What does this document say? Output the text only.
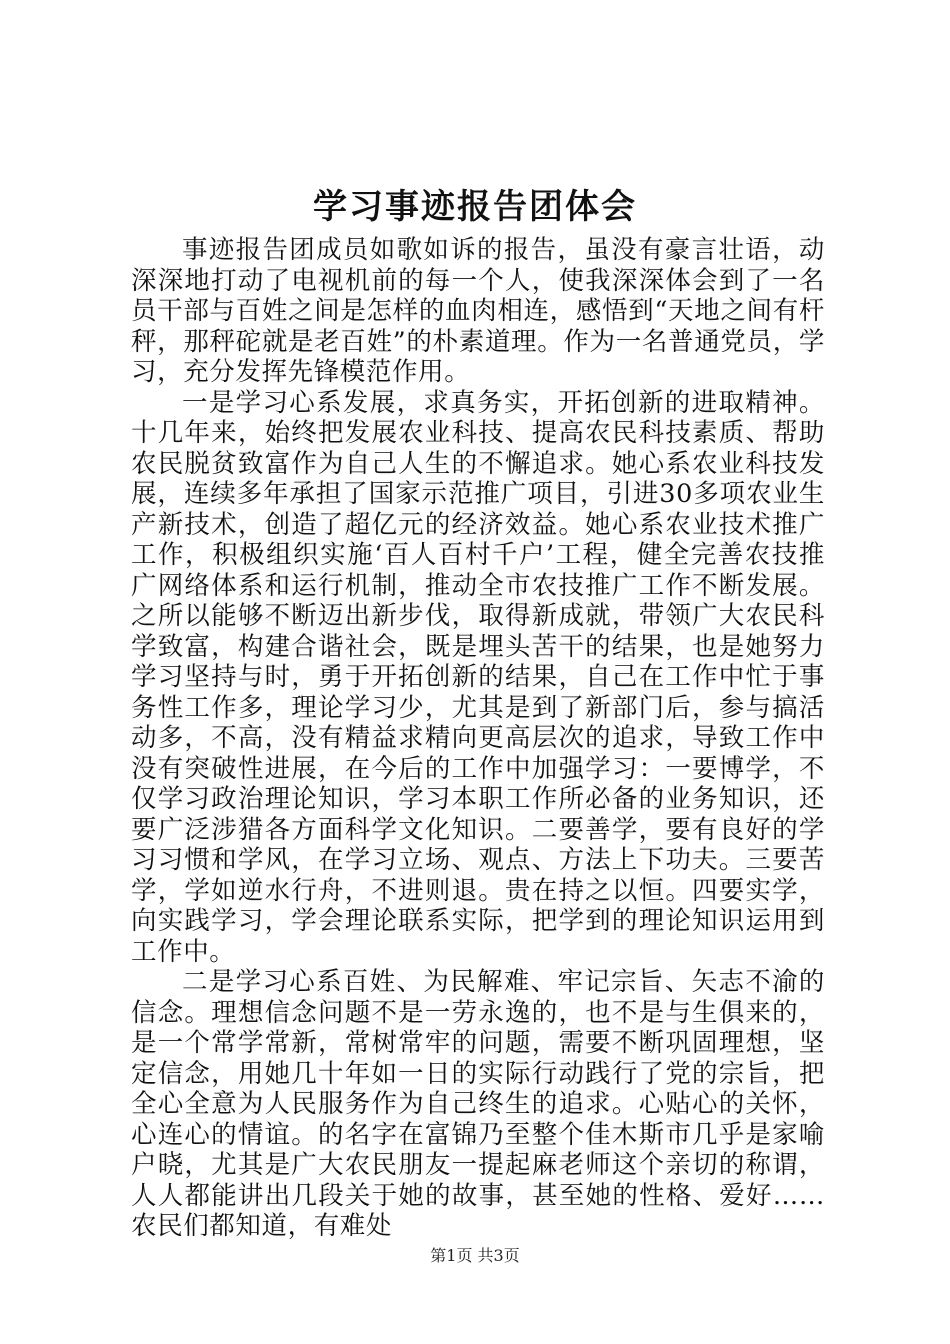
学习事迹报告团体会

事迹报告团成员如歌如诉的报告，虽没有豪言壮语，动深深地打动了电视机前的每一个人，使我深深体会到了一名员干部与百姓之间是怎样的血肉相连，感悟到“天地之间有杆秤，那秤砣就是老百姓”的朴素道理。作为一名普通党员，学习，充分发挥先锋模范作用。

一是学习心系发展，求真务实，开拓创新的进取精神。十几年来，始终把发展农业科技、提高农民科技素质、帮助农民脱贫致富作为自己人生的不懈追求。她心系农业科技发展，连续多年承担了国家示范推广项目，引进30多项农业生产新技术，创造了超亿元的经济效益。她心系农业技术推广工作，积极组织实施‘百人百村千户’工程，健全完善农技推广网络体系和运行机制，推动全市农技推广工作不断发展。之所以能够不断迈出新步伐，取得新成就，带领广大农民科学致富，构建合谐社会，既是埋头苦干的结果，也是她努力学习坚持与时，勇于开拓创新的结果，自己在工作中忙于事务性工作多，理论学习少，尤其是到了新部门后，参与搞活动多，不高，没有精益求精向更高层次的追求，导致工作中没有突破性进展，在今后的工作中加强学习：一要博学，不仅学习政治理论知识，学习本职工作所必备的业务知识，还要广泛涉猎各方面科学文化知识。二要善学，要有良好的学习习惯和学风，在学习立场、观点、方法上下功夫。三要苦学，学如逆水行舟，不进则退。贵在持之以恒。四要实学，向实践学习，学会理论联系实际，把学到的理论知识运用到工作中。

二是学习心系百姓、为民解难、牢记宗旨、矢志不渝的信念。理想信念问题不是一劳永逸的，也不是与生俱来的，是一个常学常新，常树常牢的问题，需要不断巩固理想，坚定信念，用她几十年如一日的实际行动践行了党的宗旨，把全心全意为人民服务作为自己终生的追求。心贴心的关怀，心连心的情谊。的名字在富锦乃至整个佳木斯市几乎是家喻户晓，尤其是广大农民朋友一提起麻老师这个亲切的称谓，人人都能讲出几段关于她的故事，甚至她的性格、爱好……农民们都知道，有难处

第1页 共3页
